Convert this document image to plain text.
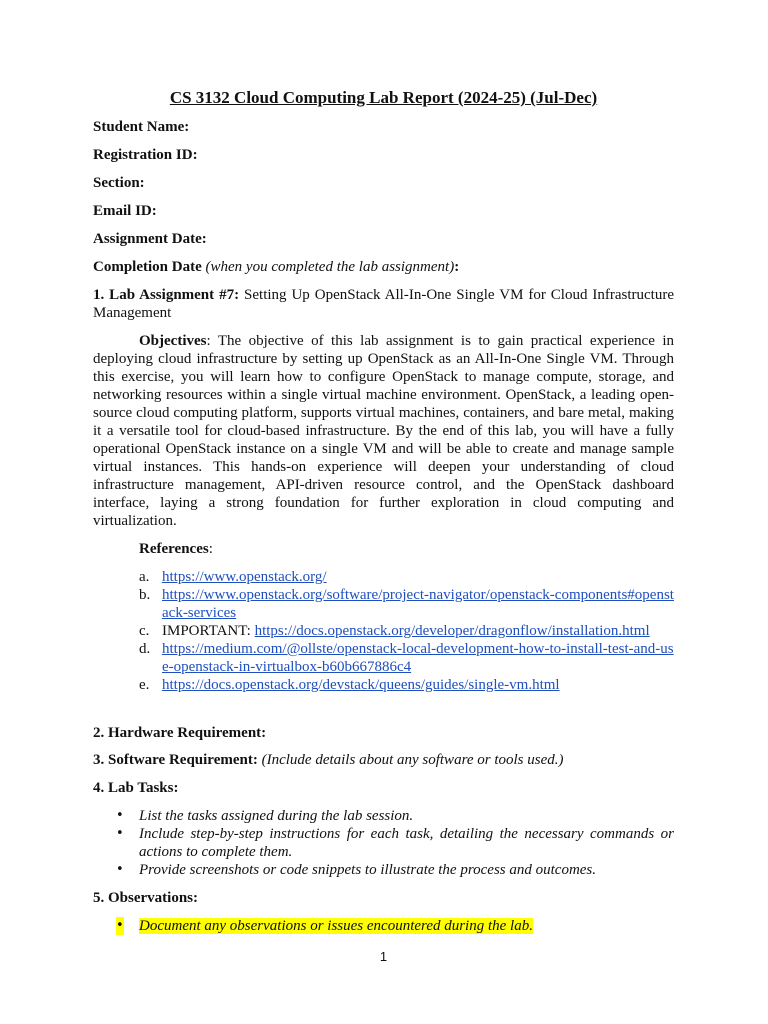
CS 3132 Cloud Computing Lab Report (2024-25) (Jul-Dec)
Student Name:
Registration ID:
Section:
Email ID:
Assignment Date:
Completion Date (when you completed the lab assignment):
1. Lab Assignment #7: Setting Up OpenStack All-In-One Single VM for Cloud Infrastructure Management
Objectives: The objective of this lab assignment is to gain practical experience in deploying cloud infrastructure by setting up OpenStack as an All-In-One Single VM. Through this exercise, you will learn how to configure OpenStack to manage compute, storage, and networking resources within a single virtual machine environment. OpenStack, a leading open-source cloud computing platform, supports virtual machines, containers, and bare metal, making it a versatile tool for cloud-based infrastructure. By the end of this lab, you will have a fully operational OpenStack instance on a single VM and will be able to create and manage sample virtual instances. This hands-on experience will deepen your understanding of cloud infrastructure management, API-driven resource control, and the OpenStack dashboard interface, laying a strong foundation for further exploration in cloud computing and virtualization.
References:
a. https://www.openstack.org/
b. https://www.openstack.org/software/project-navigator/openstack-components#openstack-services
c. IMPORTANT: https://docs.openstack.org/developer/dragonflow/installation.html
d. https://medium.com/@ollste/openstack-local-development-how-to-install-test-and-use-openstack-in-virtualbox-b60b667886c4
e. https://docs.openstack.org/devstack/queens/guides/single-vm.html
2. Hardware Requirement:
3. Software Requirement: (Include details about any software or tools used.)
4. Lab Tasks:
• List the tasks assigned during the lab session.
• Include step-by-step instructions for each task, detailing the necessary commands or actions to complete them.
• Provide screenshots or code snippets to illustrate the process and outcomes.
5. Observations:
• Document any observations or issues encountered during the lab.
1
